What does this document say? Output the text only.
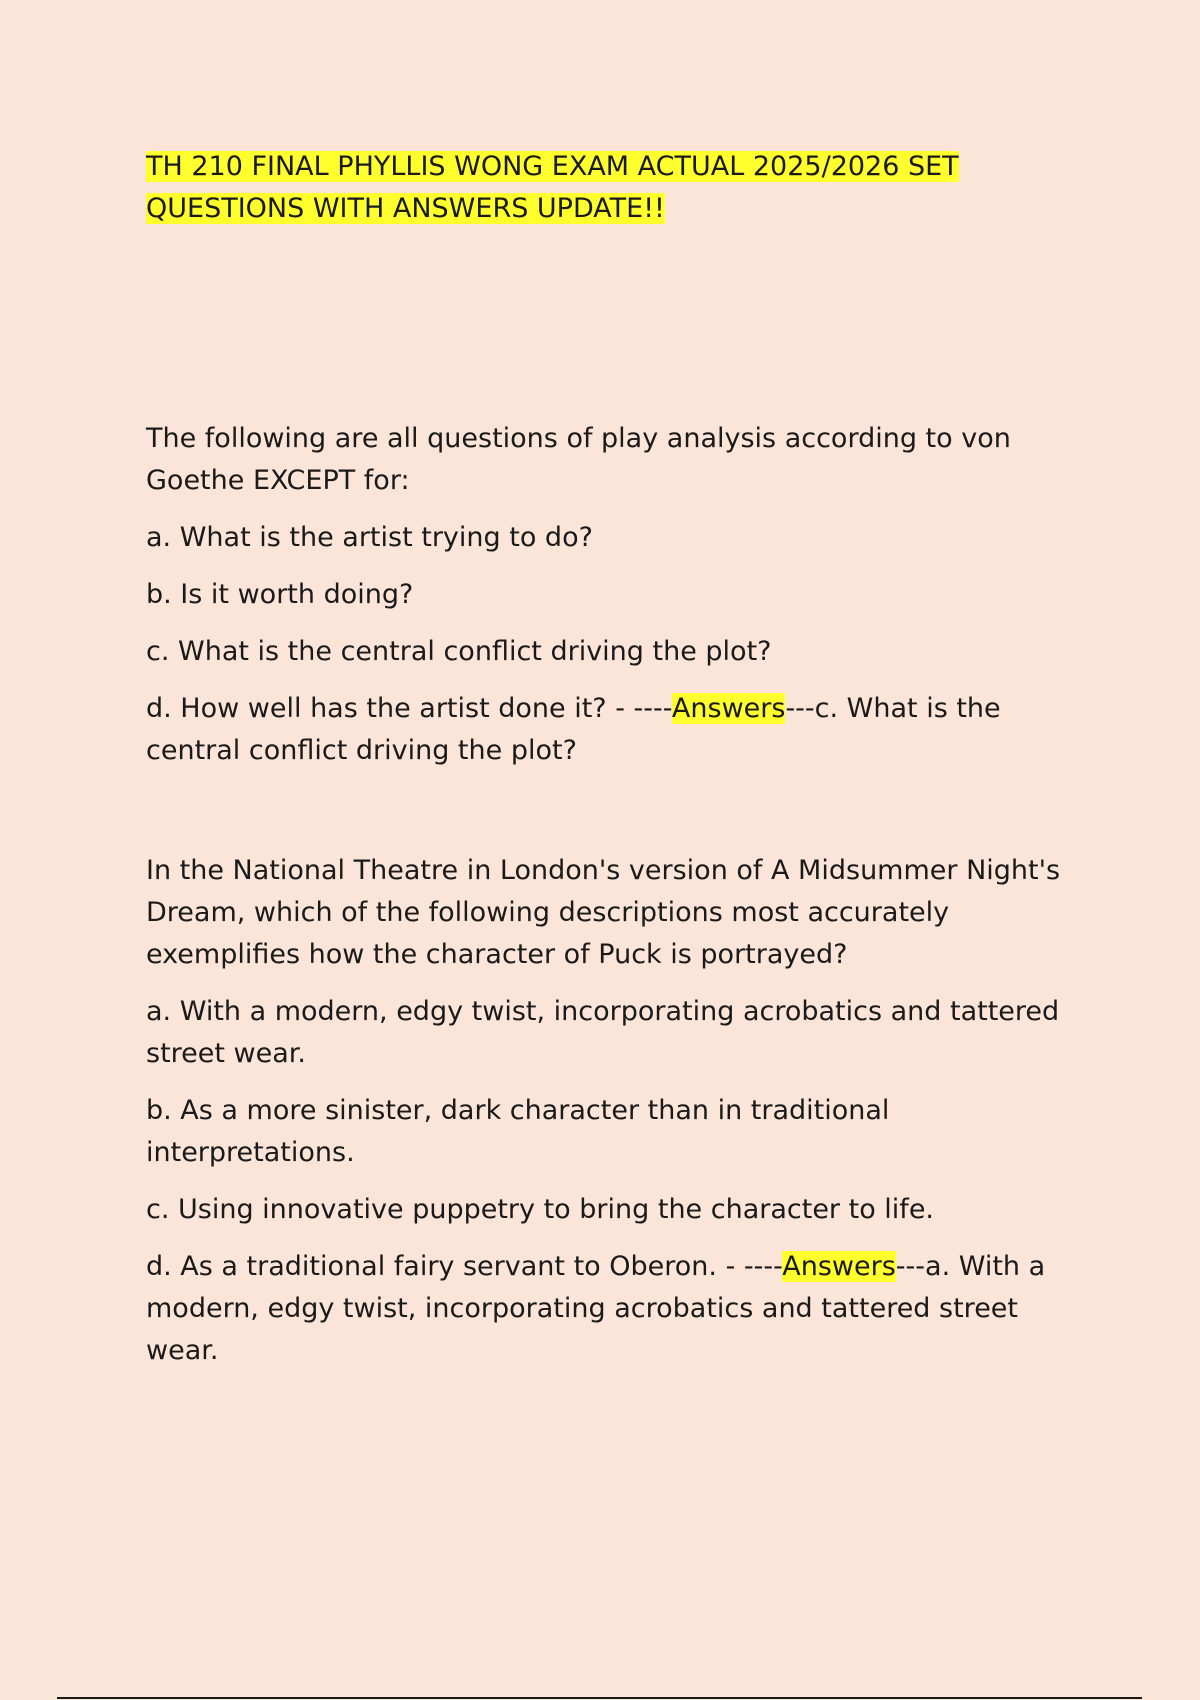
TH 210 FINAL PHYLLIS WONG EXAM ACTUAL 2025/2026 SET
QUESTIONS WITH ANSWERS UPDATE!!

The following are all questions of play analysis according to von Goethe EXCEPT for:

a. What is the artist trying to do?

b. Is it worth doing?

c. What is the central conflict driving the plot?

d. How well has the artist done it? - ----Answers---c. What is the central conflict driving the plot?

In the National Theatre in London's version of A Midsummer Night's Dream, which of the following descriptions most accurately exemplifies how the character of Puck is portrayed?

a. With a modern, edgy twist, incorporating acrobatics and tattered street wear.

b. As a more sinister, dark character than in traditional interpretations.

c. Using innovative puppetry to bring the character to life.

d. As a traditional fairy servant to Oberon. - ----Answers---a. With a modern, edgy twist, incorporating acrobatics and tattered street wear.
